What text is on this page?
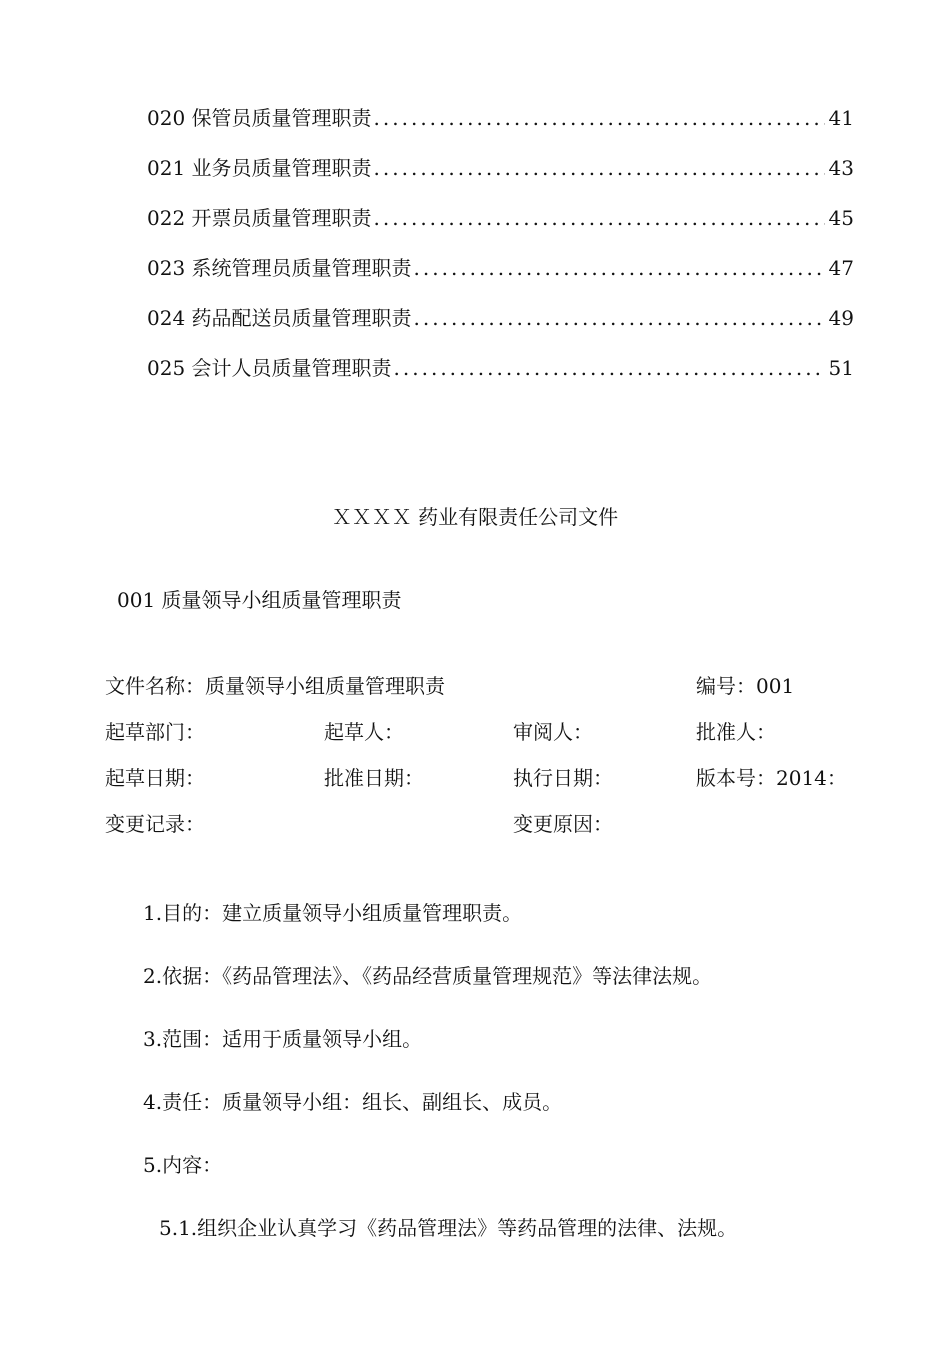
020 保管员质量管理职责 .....	41
021 业务员质量管理职责 .....	43
022 开票员质量管理职责 .....	45
023 系统管理员质量管理职责 .....	47
024 药品配送员质量管理职责 .....	49
025 会计人员质量管理职责 .....	51
ＸＸＸＸ 药业有限责任公司文件
001 质量领导小组质量管理职责
文件名称：质量领导小组质量管理职责	编号：001
起草部门：	起草人：	审阅人：	批准人：
起草日期：	批准日期：	执行日期：	版本号：2014：
变更记录：	变更原因：
1.目的：建立质量领导小组质量管理职责。
2.依据：《药品管理法》、《药品经营质量管理规范》等法律法规。
3.范围：适用于质量领导小组。
4.责任：质量领导小组：组长、副组长、成员。
5.内容：
5.1.组织企业认真学习《药品管理法》等药品管理的法律、法规。
